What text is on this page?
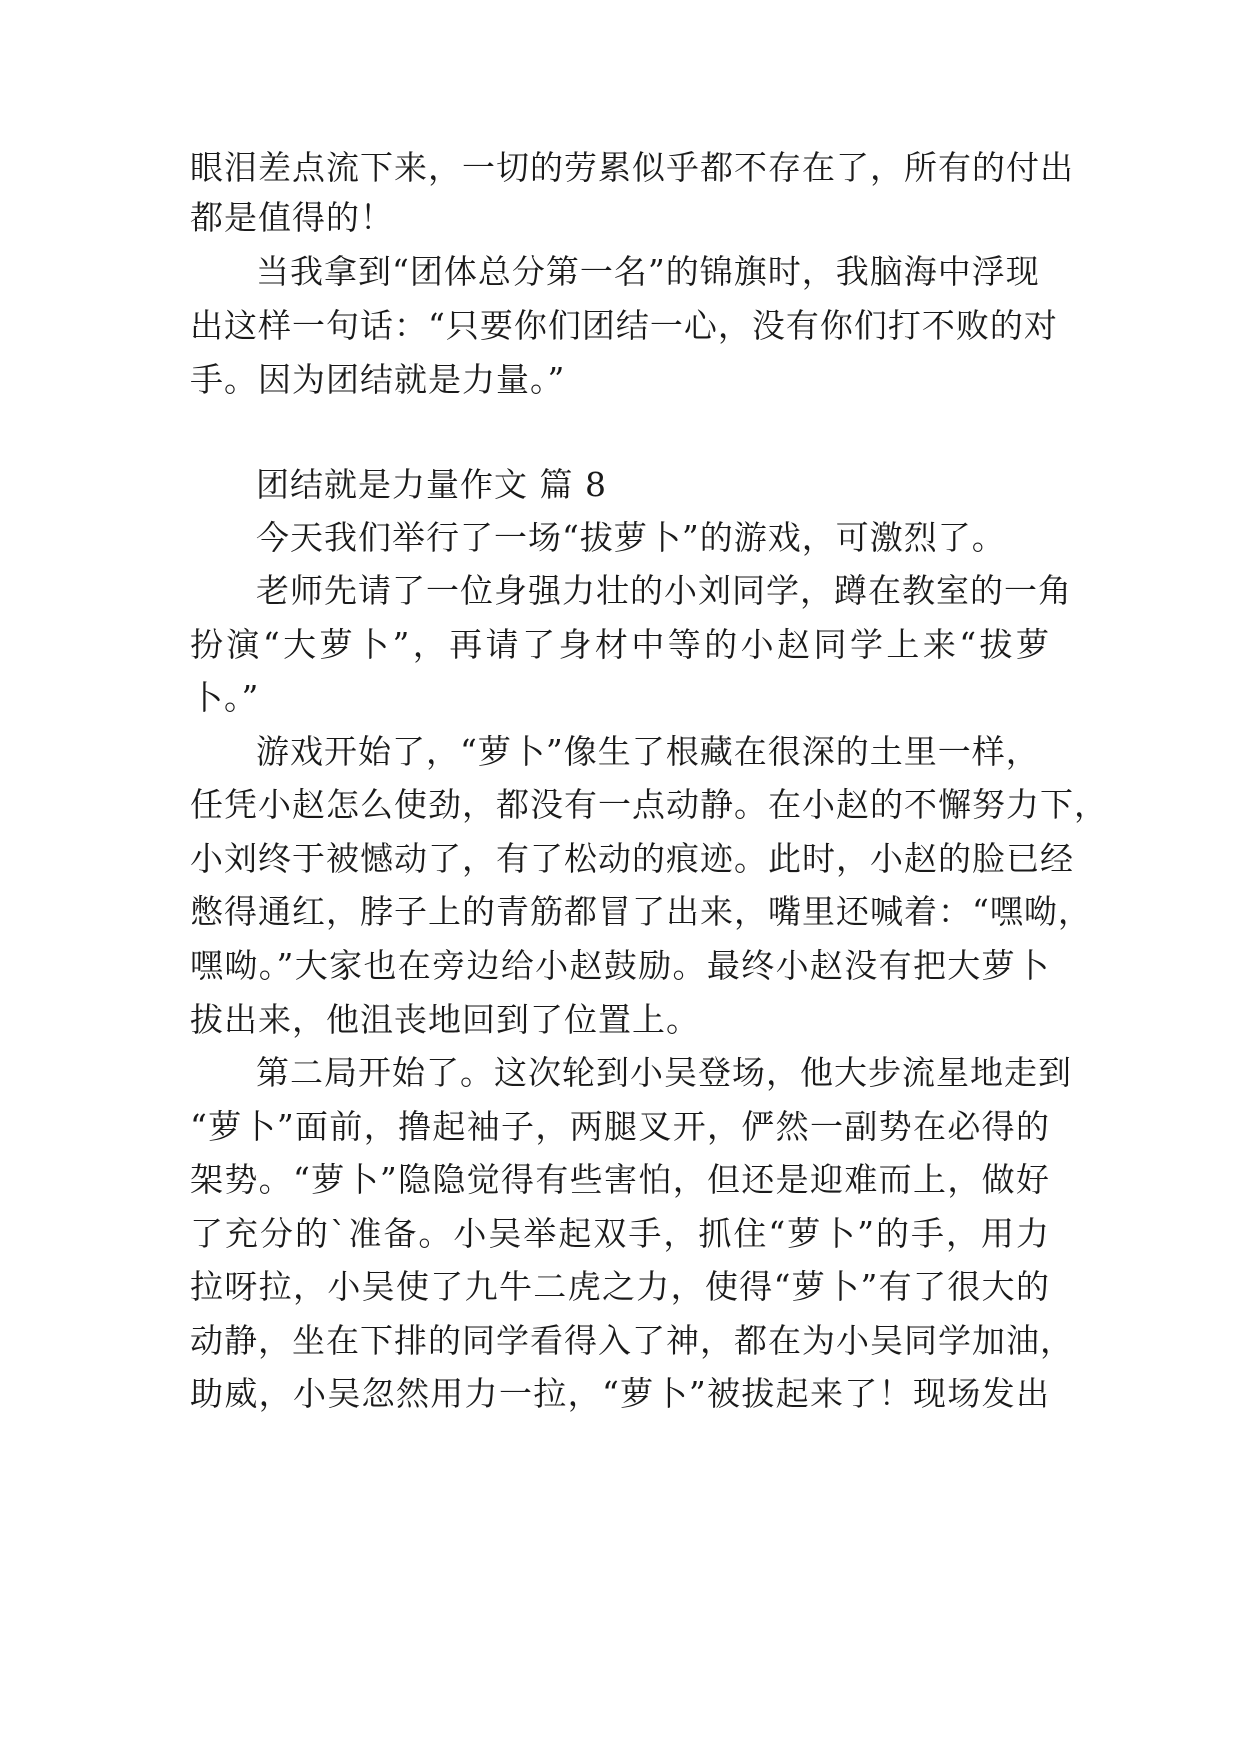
眼泪差点流下来，一切的劳累似乎都不存在了，所有的付出
都是值得的！
当我拿到“团体总分第一名”的锦旗时，我脑海中浮现
出这样一句话：“只要你们团结一心，没有你们打不败的对
手。因为团结就是力量。”
团结就是力量作文 篇 8
今天我们举行了一场“拔萝卜”的游戏，可激烈了。
老师先请了一位身强力壮的小刘同学，蹲在教室的一角
扮演“大萝卜”，再请了身材中等的小赵同学上来“拔萝
卜。”
游戏开始了，“萝卜”像生了根藏在很深的土里一样，
任凭小赵怎么使劲，都没有一点动静。在小赵的不懈努力下，
小刘终于被憾动了，有了松动的痕迹。此时，小赵的脸已经
憋得通红，脖子上的青筋都冒了出来，嘴里还喊着：“嘿呦，
嘿呦。”大家也在旁边给小赵鼓励。最终小赵没有把大萝卜
拔出来，他沮丧地回到了位置上。
第二局开始了。这次轮到小吴登场，他大步流星地走到
“萝卜”面前，撸起袖子，两腿叉开，俨然一副势在必得的
架势。“萝卜”隐隐觉得有些害怕，但还是迎难而上，做好
了充分的`准备。小吴举起双手，抓住“萝卜”的手，用力
拉呀拉，小吴使了九牛二虎之力，使得“萝卜”有了很大的
动静，坐在下排的同学看得入了神，都在为小吴同学加油，
助威，小吴忽然用力一拉，“萝卜”被拔起来了！现场发出
